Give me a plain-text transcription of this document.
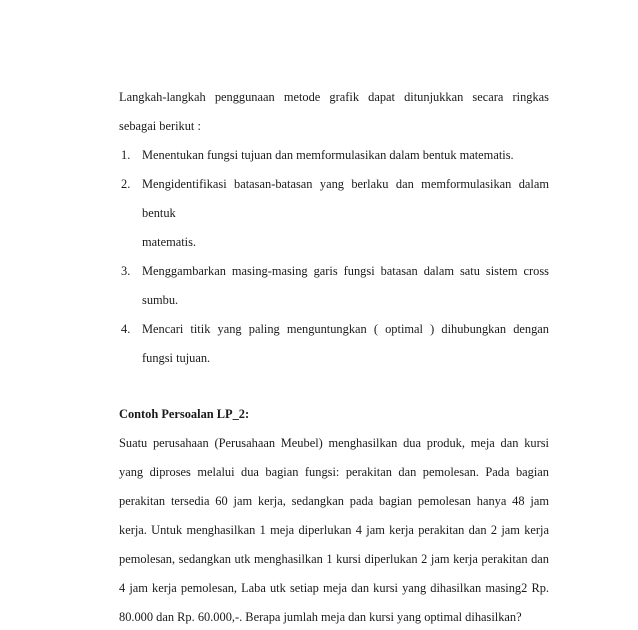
Langkah-langkah penggunaan metode grafik dapat ditunjukkan secara ringkas
sebagai berikut :
1. Menentukan fungsi tujuan dan memformulasikan dalam bentuk matematis.
2. Mengidentifikasi batasan-batasan yang berlaku dan memformulasikan dalam
bentuk
matematis.
3. Menggambarkan masing-masing garis fungsi batasan dalam satu sistem cross
sumbu.
4. Mencari titik yang paling menguntungkan ( optimal ) dihubungkan dengan
fungsi tujuan.
Contoh Persoalan LP_2:
Suatu perusahaan (Perusahaan Meubel) menghasilkan dua produk, meja dan kursi
yang diproses melalui dua bagian fungsi: perakitan dan pemolesan. Pada bagian
perakitan tersedia 60 jam kerja, sedangkan pada bagian pemolesan hanya 48 jam
kerja. Untuk menghasilkan 1 meja diperlukan 4 jam kerja perakitan dan 2 jam kerja
pemolesan, sedangkan utk menghasilkan 1 kursi diperlukan 2 jam kerja perakitan dan
4 jam kerja pemolesan, Laba utk setiap meja dan kursi yang dihasilkan masing2 Rp.
80.000 dan Rp. 60.000,-. Berapa jumlah meja dan kursi yang optimal dihasilkan?
